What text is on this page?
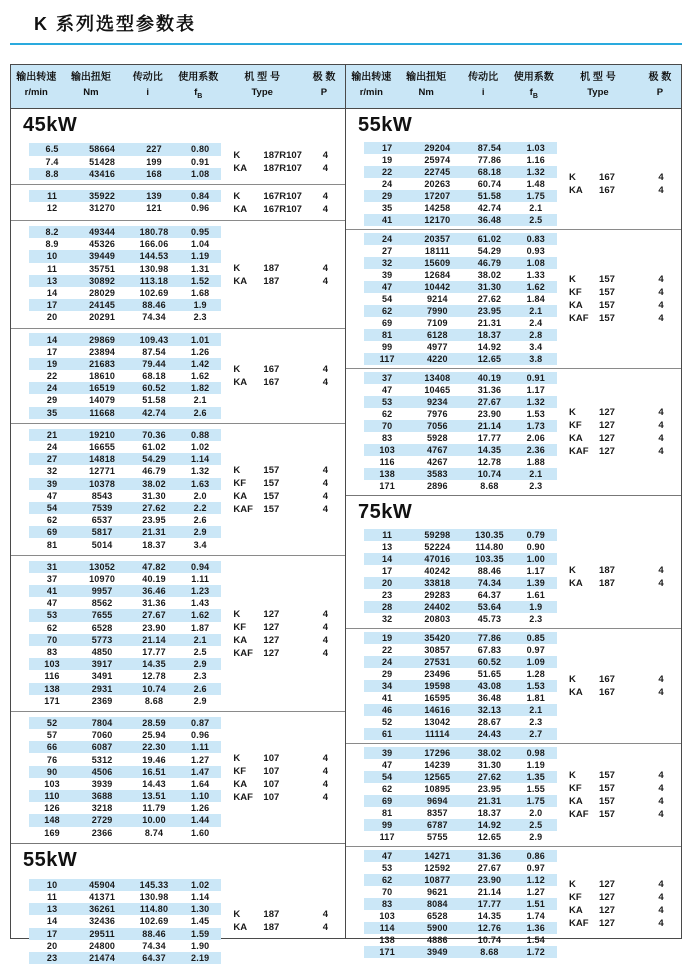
K 系列选型参数表
输出转速	输出扭矩	传动比	使用系数	机 型 号	极 数
r/min	Nm	i	$f_B$	Type	P
45kW
6.5	58664	227	0.80
7.4	51428	199	0.91
8.8	43416	168	1.08
K	187R107	4
KA	187R107	4
11	35922	139	0.84
12	31270	121	0.96
K	167R107	4
KA	167R107	4
8.2	49344	180.78	0.95
8.9	45326	166.06	1.04
10	39449	144.53	1.19
11	35751	130.98	1.31
13	30892	113.18	1.52
14	28029	102.69	1.68
17	24145	88.46	1.9
20	20291	74.34	2.3
K	187	4
KA	187	4
14	29869	109.43	1.01
17	23894	87.54	1.26
19	21683	79.44	1.42
22	18610	68.18	1.62
24	16519	60.52	1.82
29	14079	51.58	2.1
35	11668	42.74	2.6
K	167	4
KA	167	4
21	19210	70.36	0.88
24	16655	61.02	1.02
27	14818	54.29	1.14
32	12771	46.79	1.32
39	10378	38.02	1.63
47	8543	31.30	2.0
54	7539	27.62	2.2
62	6537	23.95	2.6
69	5817	21.31	2.9
81	5014	18.37	3.4
K	157	4
KF	157	4
KA	157	4
KAF	157	4
31	13052	47.82	0.94
37	10970	40.19	1.11
41	9957	36.46	1.23
47	8562	31.36	1.43
53	7655	27.67	1.62
62	6528	23.90	1.87
70	5773	21.14	2.1
83	4850	17.77	2.5
103	3917	14.35	2.9
116	3491	12.78	2.3
138	2931	10.74	2.6
171	2369	8.68	2.9
K	127	4
KF	127	4
KA	127	4
KAF	127	4
52	7804	28.59	0.87
57	7060	25.94	0.96
66	6087	22.30	1.11
76	5312	19.46	1.27
90	4506	16.51	1.47
103	3939	14.43	1.64
110	3688	13.51	1.10
126	3218	11.79	1.26
148	2729	10.00	1.44
169	2366	8.74	1.60
K	107	4
KF	107	4
KA	107	4
KAF	107	4
55kW
10	45904	145.33	1.02
11	41371	130.98	1.14
13	36261	114.80	1.30
14	32436	102.69	1.45
17	29511	88.46	1.59
20	24800	74.34	1.90
23	21474	64.37	2.19
K	187	4
KA	187	4
输出转速	输出扭矩	传动比	使用系数	机 型 号	极 数
r/min	Nm	i	$f_B$	Type	P
55kW
17	29204	87.54	1.03
19	25974	77.86	1.16
22	22745	68.18	1.32
24	20263	60.74	1.48
29	17207	51.58	1.75
35	14258	42.74	2.1
41	12170	36.48	2.5
K	167	4
KA	167	4
24	20357	61.02	0.83
27	18111	54.29	0.93
32	15609	46.79	1.08
39	12684	38.02	1.33
47	10442	31.30	1.62
54	9214	27.62	1.84
62	7990	23.95	2.1
69	7109	21.31	2.4
81	6128	18.37	2.8
99	4977	14.92	3.4
117	4220	12.65	3.8
K	157	4
KF	157	4
KA	157	4
KAF	157	4
37	13408	40.19	0.91
47	10465	31.36	1.17
53	9234	27.67	1.32
62	7976	23.90	1.53
70	7056	21.14	1.73
83	5928	17.77	2.06
103	4767	14.35	2.36
116	4267	12.78	1.88
138	3583	10.74	2.1
171	2896	8.68	2.3
K	127	4
KF	127	4
KA	127	4
KAF	127	4
75kW
11	59298	130.35	0.79
13	52224	114.80	0.90
14	47016	103.35	1.00
17	40242	88.46	1.17
20	33818	74.34	1.39
23	29283	64.37	1.61
28	24402	53.64	1.9
32	20803	45.73	2.3
K	187	4
KA	187	4
19	35420	77.86	0.85
22	30857	67.83	0.97
24	27531	60.52	1.09
29	23496	51.65	1.28
34	19598	43.08	1.53
41	16595	36.48	1.81
46	14616	32.13	2.1
52	13042	28.67	2.3
61	11114	24.43	2.7
K	167	4
KA	167	4
39	17296	38.02	0.98
47	14239	31.30	1.19
54	12565	27.62	1.35
62	10895	23.95	1.55
69	9694	21.31	1.75
81	8357	18.37	2.0
99	6787	14.92	2.5
117	5755	12.65	2.9
K	157	4
KF	157	4
KA	157	4
KAF	157	4
47	14271	31.36	0.86
53	12592	27.67	0.97
62	10877	23.90	1.12
70	9621	21.14	1.27
83	8084	17.77	1.51
103	6528	14.35	1.74
114	5900	12.76	1.36
138	4886	10.74	1.54
171	3949	8.68	1.72
K	127	4
KF	127	4
KA	127	4
KAF	127	4
